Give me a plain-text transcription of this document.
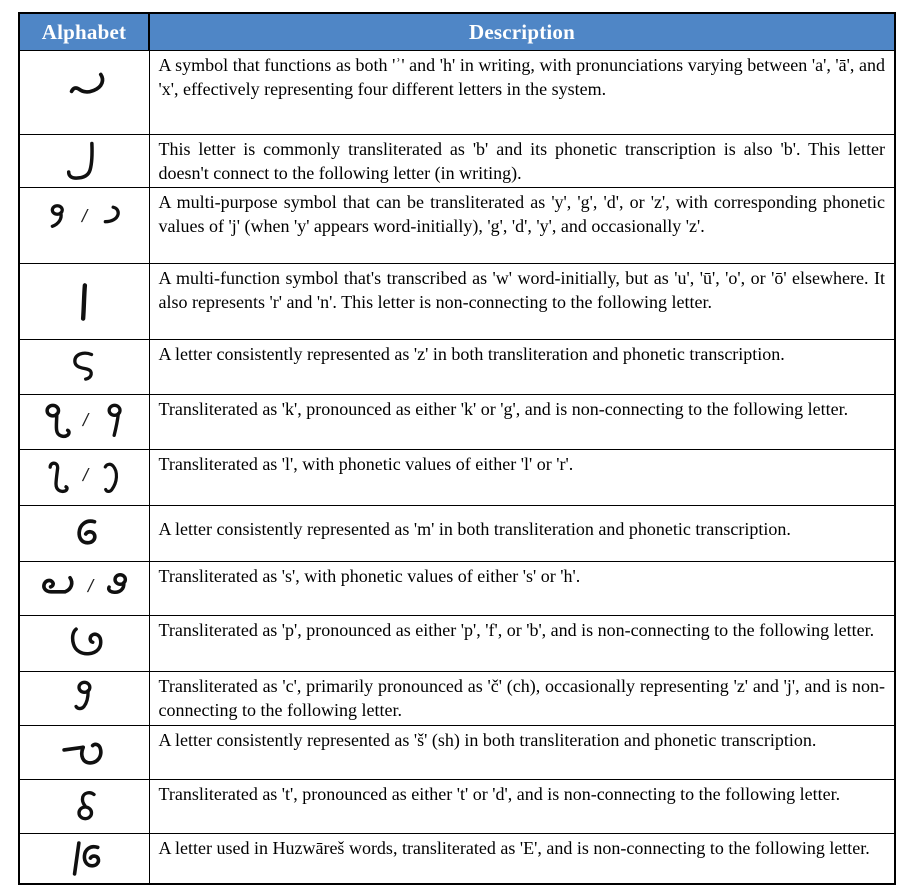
Alphabet	Description

	A symbol that functions as both 'ʾ' and 'h' in writing, with pronunciations varying between 'a', 'ā', and 'x', effectively representing four different letters in the system.

	This letter is commonly transliterated as 'b' and its phonetic transcription is also 'b'. This letter doesn't connect to the following letter (in writing).

/	A multi-purpose symbol that can be transliterated as 'y', 'g', 'd', or 'z', with corresponding phonetic values of 'j' (when 'y' appears word-initially), 'g', 'd', 'y', and occasionally 'z'.

	A multi-function symbol that's transcribed as 'w' word-initially, but as 'u', 'ū', 'o', or 'ō' elsewhere. It also represents 'r' and 'n'. This letter is non-connecting to the following letter.

	A letter consistently represented as 'z' in both transliteration and phonetic transcription.

/	Transliterated as 'k', pronounced as either 'k' or 'g', and is non-connecting to the following letter.

/	Transliterated as 'l', with phonetic values of either 'l' or 'r'.

	A letter consistently represented as 'm' in both transliteration and phonetic transcription.

/	Transliterated as 's', with phonetic values of either 's' or 'h'.

	Transliterated as 'p', pronounced as either 'p', 'f', or 'b', and is non-connecting to the following letter.

	Transliterated as 'c', primarily pronounced as 'č' (ch), occasionally representing 'z' and 'j', and is non-connecting to the following letter.

	A letter consistently represented as 'š' (sh) in both transliteration and phonetic transcription.

	Transliterated as 't', pronounced as either 't' or 'd', and is non-connecting to the following letter.

	A letter used in Huzwāreš words, transliterated as 'E', and is non-connecting to the following letter.
